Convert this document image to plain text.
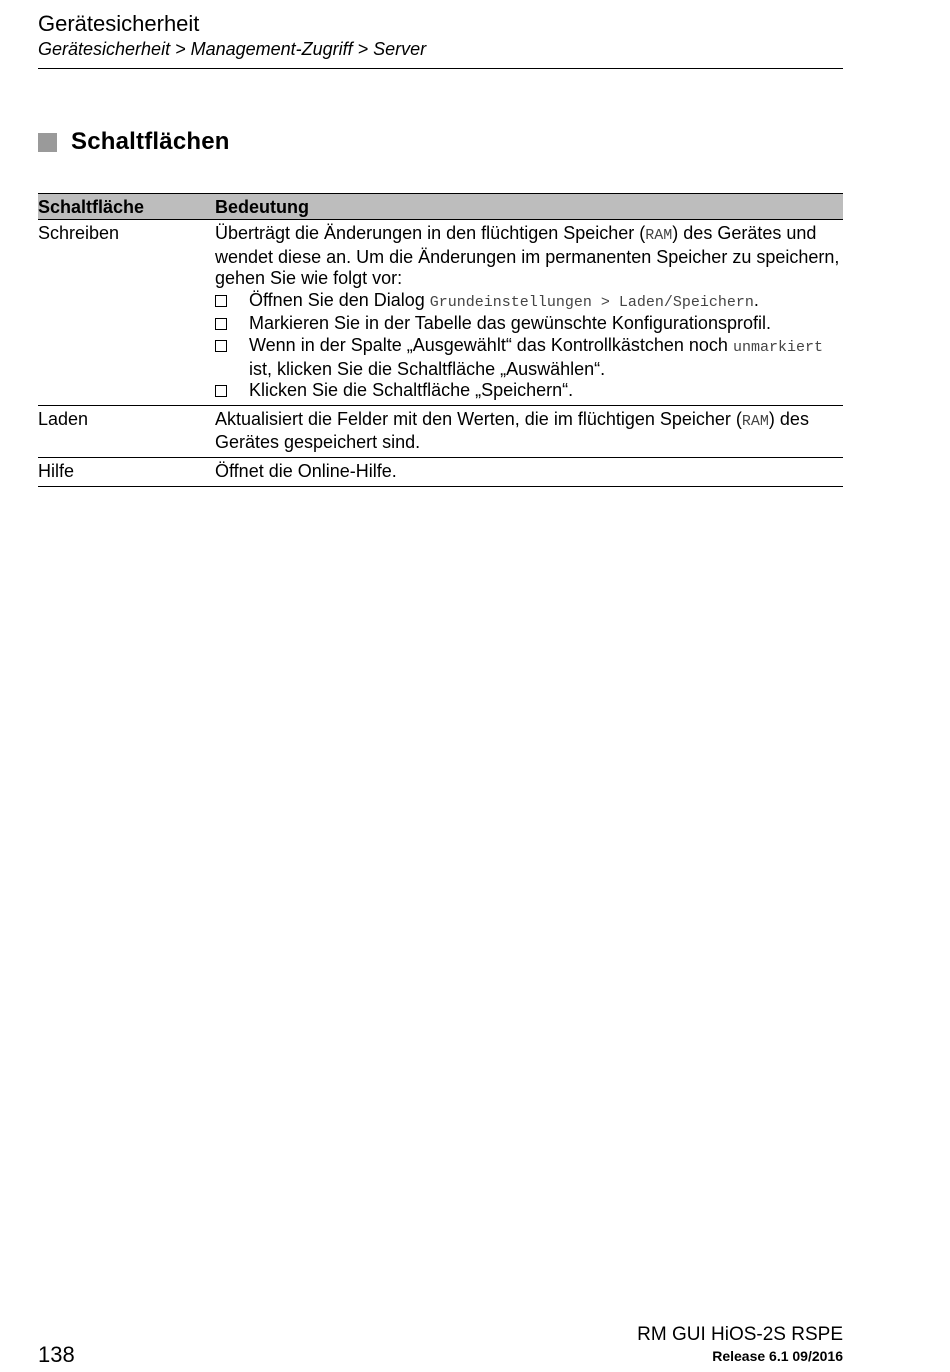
Gerätesicherheit
Gerätesicherheit > Management-Zugriff > Server
Schaltflächen
Schaltfläche	Bedeutung
Schreiben	Überträgt die Änderungen in den flüchtigen Speicher (RAM) des Gerätes und wendet diese an. Um die Änderungen im permanenten Speicher zu speichern, gehen Sie wie folgt vor:

Öffnen Sie den Dialog Grundeinstellungen > Laden/Speichern.
Markieren Sie in der Tabelle das gewünschte Konfigurationsprofil.
Wenn in der Spalte „Ausgewählt“ das Kontrollkästchen noch unmarkiert ist, klicken Sie die Schaltfläche „Auswählen“.
Klicken Sie die Schaltfläche „Speichern“.
Laden	Aktualisiert die Felder mit den Werten, die im flüchtigen Speicher (RAM) des Gerätes gespeichert sind.

Hilfe	Öffnet die Online-Hilfe.

138
RM GUI HiOS-2S RSPE
Release 6.1 09/2016
